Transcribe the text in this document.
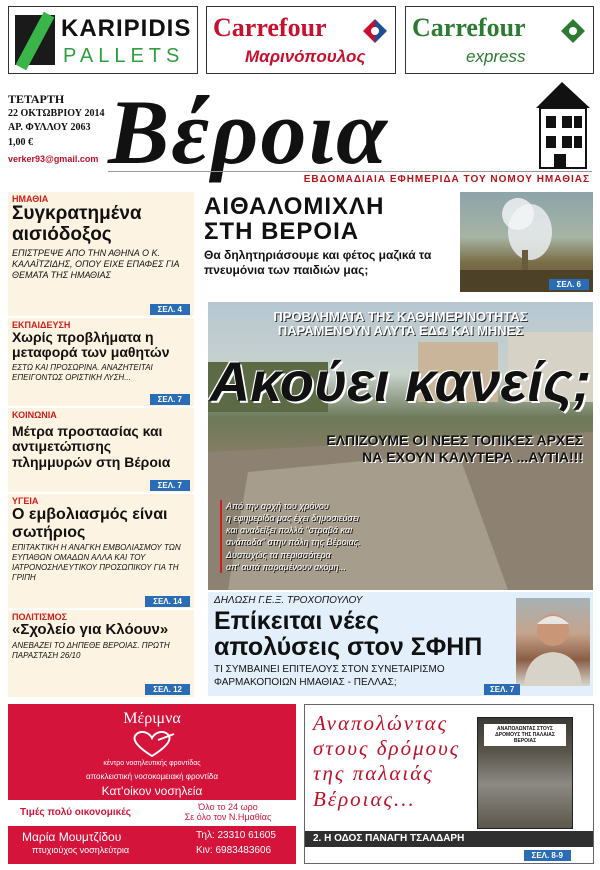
KARIPIDIS
PALLETS
Carrefour
Μαρινόπουλος
Carrefour
express
ΤΕΤΑΡΤΗ
22 ΟΚΤΩΒΡΙΟΥ 2014
ΑΡ. ΦΥΛΛΟΥ 2063
1,00 €
verker93@gmail.com Βέροια
ΕΒΔΟΜΑΔΙΑΙΑ ΕΦΗΜΕΡΙΔΑ ΤΟΥ ΝΟΜΟΥ ΗΜΑΘΙΑΣ
ΗΜΑΘΙΑ
Συγκρατημένα αισιόδοξος
ΕΠΙΣΤΡΕΨΕ ΑΠΟ ΤΗΝ ΑΘΗΝΑ Ο Κ. ΚΑΛΑΪΤΖΙΔΗΣ, ΟΠΟΥ ΕΙΧΕ ΕΠΑΦΕΣ ΓΙΑ ΘΕΜΑΤΑ ΤΗΣ ΗΜΑΘΙΑΣ
ΣΕΛ. 4
ΕΚΠΑΙΔΕΥΣΗ
Χωρίς προβλήματα η μεταφορά των μαθητών
ΕΣΤΩ ΚΑΙ ΠΡΟΣΩΡΙΝΑ. ΑΝΑΖΗΤΕΙΤΑΙ ΕΠΕΙΓΟΝΤΩΣ ΟΡΙΣΤΙΚΗ ΛΥΣΗ...
ΣΕΛ. 7
ΚΟΙΝΩΝΙΑ
Μέτρα προστασίας και αντιμετώπισης πλημμυρών στη Βέροια
ΣΕΛ. 7
ΥΓΕΙΑ
Ο εμβολιασμός είναι σωτήριος
ΕΠΙΤΑΚΤΙΚΗ Η ΑΝΑΓΚΗ ΕΜΒΟΛΙΑΣΜΟΥ ΤΩΝ ΕΥΠΑΘΩΝ ΟΜΑΔΩΝ ΑΛΛΑ ΚΑΙ ΤΟΥ ΙΑΤΡΟΝΟΣΗΛΕΥΤΙΚΟΥ ΠΡΟΣΩΠΙΚΟΥ ΓΙΑ ΤΗ ΓΡΙΠΗ
ΣΕΛ. 14
ΠΟΛΙΤΙΣΜΟΣ
«Σχολείο για Κλόουν»
ΑΝΕΒΑΖΕΙ ΤΟ ΔΗΠΕΘΕ ΒΕΡΟΙΑΣ. ΠΡΩΤΗ ΠΑΡΑΣΤΑΣΗ 26/10
ΣΕΛ. 12
ΑΙΘΑΛΟΜΙΧΛΗ
ΣΤΗ ΒΕΡΟΙΑ
Θα δηλητηριάσουμε και φέτος μαζικά τα πνευμόνια των παιδιών μας;
ΣΕΛ. 6
ΠΡΟΒΛΗΜΑΤΑ ΤΗΣ ΚΑΘΗΜΕΡΙΝΟΤΗΤΑΣ
ΠΑΡΑΜΕΝΟΥΝ ΑΛΥΤΑ ΕΔΩ ΚΑΙ ΜΗΝΕΣ
Ακούει κανείς;
ΕΛΠΙΖΟΥΜΕ ΟΙ ΝΕΕΣ ΤΟΠΙΚΕΣ ΑΡΧΕΣ
ΝΑ ΕΧΟΥΝ ΚΑΛΥΤΕΡΑ ...ΑΥΤΙΑ!!!
Από την αρχή του χρόνου
η εφημερίδα μας έχει δημοσιεύσει
και αναδείξει πολλά "στραβά και
ανάποδα" στην πόλη της Βέροιας.
Δυστυχώς τα περισσότερα
απ' αυτά παραμένουν ακόμη...
ΔΗΛΩΣΗ Γ.Ε.Ξ. ΤΡΟΧΟΠΟΥΛΟΥ
Επίκειται νέες
απολύσεις στον ΣΦΗΠ
ΤΙ ΣΥΜΒΑΙΝΕΙ ΕΠΙΤΕΛΟΥΣ ΣΤΟΝ ΣΥΝΕΤΑΙΡΙΣΜΟ
ΦΑΡΜΑΚΟΠΟΙΩΝ ΗΜΑΘΙΑΣ - ΠΕΛΛΑΣ;
ΣΕΛ. 7
Μέριμνα
κέντρο νοσηλευτικής φροντίδας
αποκλειστική νοσοκομειακή φροντίδα
Κατ'οίκον νοσηλεία
Τιμές πολύ οικονομικές	Όλο το 24 ωρο
Σε όλο τον Ν.Ημαθίας
Μαρία Μουμτζίδου
πτυχιούχος νοσηλεύτρια
Τηλ: 23310 61605
Κιν: 6983483606
Αναπολώντας
στους δρόμους
της παλαιάς
Βέροιας...
ΑΝΑΠΟΛΩΝΤΑΣ ΣΤΟΥΣ ΔΡΟΜΟΥΣ ΤΗΣ ΠΑΛΑΙΑΣ ΒΕΡΟΙΑΣ
2. Η ΟΔΟΣ ΠΑΝΑΓΗ ΤΣΑΛΔΑΡΗ
ΣΕΛ. 8-9
